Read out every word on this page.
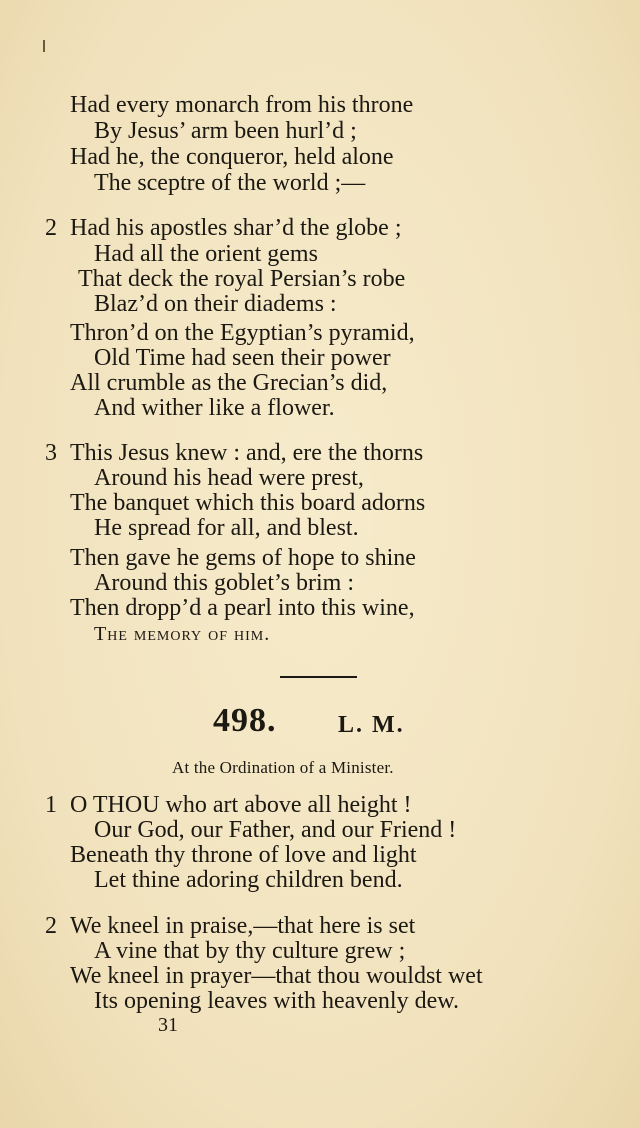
Had every monarch from his throne
By Jesus’ arm been hurl’d ;
Had he, the conqueror, held alone
The sceptre of the world ;—
2 Had his apostles shar’d the globe ;
Had all the orient gems
That deck the royal Persian’s robe
Blaz’d on their diadems :
Thron’d on the Egyptian’s pyramid,
Old Time had seen their power
All crumble as the Grecian’s did,
And wither like a flower.
3 This Jesus knew : and, ere the thorns
Around his head were prest,
The banquet which this board adorns
He spread for all, and blest.
Then gave he gems of hope to shine
Around this goblet’s brim :
Then dropp’d a pearl into this wine,
The memory of him.
498.	L. M.
At the Ordination of a Minister.
1 O THOU who art above all height !
Our God, our Father, and our Friend !
Beneath thy throne of love and light
Let thine adoring children bend.
2 We kneel in praise,—that here is set
A vine that by thy culture grew ;
We kneel in prayer—that thou wouldst wet
Its opening leaves with heavenly dew.
31
